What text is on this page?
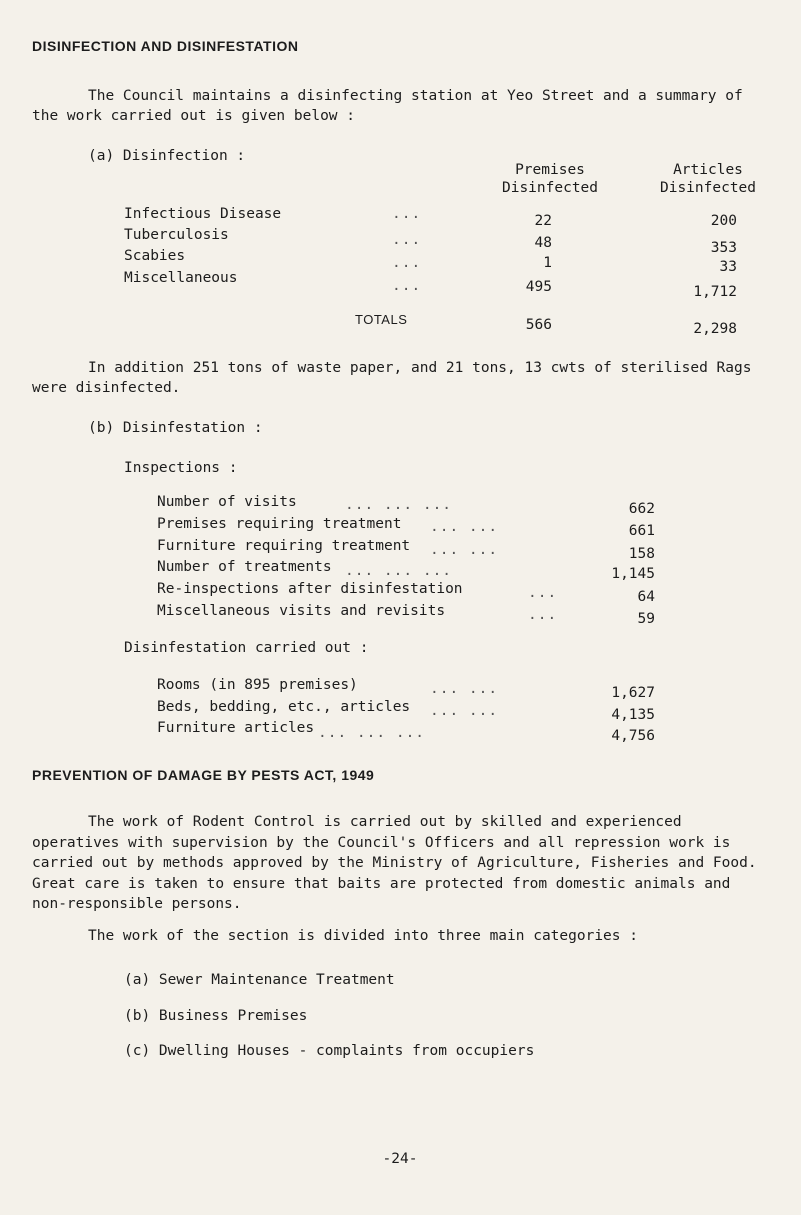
DISINFECTION AND DISINFESTATION
The Council maintains a disinfecting station at Yeo Street and a summary of the work carried out is given below :
(a) Disinfection :
Premises
Disinfected
Articles
Disinfected
Infectious Disease	...	22	200
Tuberculosis	...	48	353
Scabies	...	1	33
Miscellaneous	...	495	1,712
TOTALS	566	2,298
In addition 251 tons of waste paper, and 21 tons, 13 cwts of sterilised Rags were disinfected.
(b) Disinfestation :
Inspections :
Number of visits	... ... ...	662
Premises requiring treatment ... ...	661
Furniture requiring treatment ... ...	158
Number of treatments ... ... ...	1,145
Re-inspections after disinfestation	...	64
Miscellaneous visits and revisits	...	59
Disinfestation carried out :
Rooms (in 895 premises)	... ...	1,627
Beds, bedding, etc., articles ... ...	4,135
Furniture articles ... ... ...	4,756
PREVENTION OF DAMAGE BY PESTS ACT, 1949
The work of Rodent Control is carried out by skilled and experienced operatives with supervision by the Council's Officers and all repression work is carried out by methods approved by the Ministry of Agriculture, Fisheries and Food. Great care is taken to ensure that baits are protected from domestic animals and non-responsible persons.
The work of the section is divided into three main categories :
(a) Sewer Maintenance Treatment
(b) Business Premises
(c) Dwelling Houses - complaints from occupiers
-24-
